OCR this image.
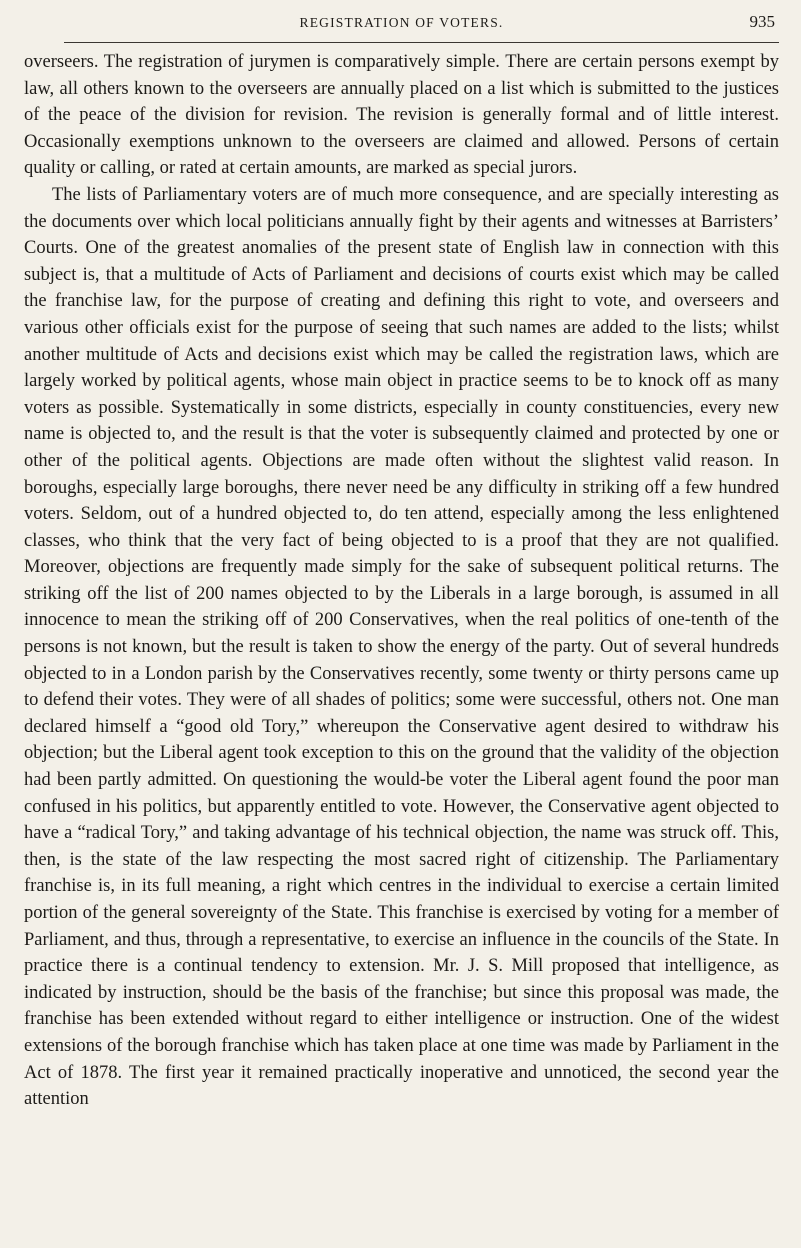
REGISTRATION OF VOTERS.	935

overseers. The registration of jurymen is comparatively simple. There are certain persons exempt by law, all others known to the overseers are annually placed on a list which is submitted to the justices of the peace of the division for revision. The revision is generally formal and of little interest. Occasionally exemptions unknown to the overseers are claimed and allowed. Persons of certain quality or calling, or rated at certain amounts, are marked as special jurors.

The lists of Parliamentary voters are of much more consequence, and are specially interesting as the documents over which local politicians annually fight by their agents and witnesses at Barristers’ Courts. One of the greatest anomalies of the present state of English law in connection with this subject is, that a multitude of Acts of Parliament and decisions of courts exist which may be called the franchise law, for the purpose of creating and defining this right to vote, and overseers and various other officials exist for the purpose of seeing that such names are added to the lists; whilst another multitude of Acts and decisions exist which may be called the registration laws, which are largely worked by political agents, whose main object in practice seems to be to knock off as many voters as possible. Systematically in some districts, especially in county constituencies, every new name is objected to, and the result is that the voter is subsequently claimed and protected by one or other of the political agents. Objections are made often without the slightest valid reason. In boroughs, especially large boroughs, there never need be any difficulty in striking off a few hundred voters. Seldom, out of a hundred objected to, do ten attend, especially among the less enlightened classes, who think that the very fact of being objected to is a proof that they are not qualified. Moreover, objections are frequently made simply for the sake of subsequent political returns. The striking off the list of 200 names objected to by the Liberals in a large borough, is assumed in all innocence to mean the striking off of 200 Conservatives, when the real politics of one-tenth of the persons is not known, but the result is taken to show the energy of the party. Out of several hundreds objected to in a London parish by the Conservatives recently, some twenty or thirty persons came up to defend their votes. They were of all shades of politics; some were successful, others not. One man declared himself a “good old Tory,” whereupon the Conservative agent desired to withdraw his objection; but the Liberal agent took exception to this on the ground that the validity of the objection had been partly admitted. On questioning the would-be voter the Liberal agent found the poor man confused in his politics, but apparently entitled to vote. However, the Conservative agent objected to have a “radical Tory,” and taking advantage of his technical objection, the name was struck off. This, then, is the state of the law respecting the most sacred right of citizenship. The Parliamentary franchise is, in its full meaning, a right which centres in the individual to exercise a certain limited portion of the general sovereignty of the State. This franchise is exercised by voting for a member of Parliament, and thus, through a representative, to exercise an influence in the councils of the State. In practice there is a continual tendency to extension. Mr. J. S. Mill proposed that intelligence, as indicated by instruction, should be the basis of the franchise; but since this proposal was made, the franchise has been extended without regard to either intelligence or instruction. One of the widest extensions of the borough franchise which has taken place at one time was made by Parliament in the Act of 1878. The first year it remained practically inoperative and unnoticed, the second year the attention
